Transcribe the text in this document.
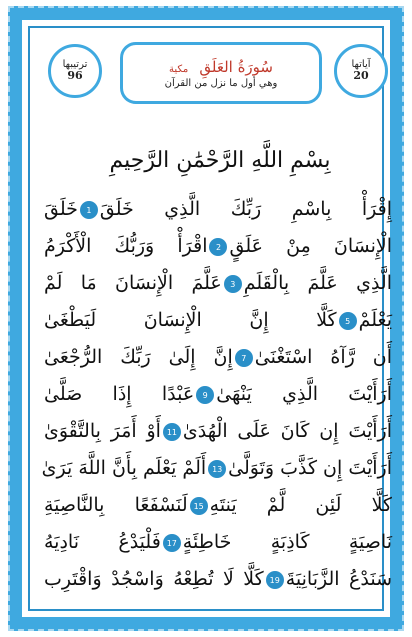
آياتها
20
سُورَةُ العَلَقِ مكية
وهي أول ما نزل من القرآن
ترتيبها
96
بِسْمِ اللَّهِ الرَّحْمَٰنِ الرَّحِيمِ
إِقْرَأْ بِاسْمِ رَبِّكَ الَّذِي خَلَقَ1خَلَقَ
الْإِنسَانَ مِنْ عَلَقٍ2اقْرَأْ وَرَبُّكَ الْأَكْرَمُ
الَّذِي عَلَّمَ بِالْقَلَمِ3عَلَّمَ الْإِنسَانَ مَا لَمْ
يَعْلَمْ5كَلَّا إِنَّ الْإِنسَانَ لَيَطْغَىٰ
أَن رَّآهُ اسْتَغْنَىٰ7إِنَّ إِلَىٰ رَبِّكَ الرُّجْعَىٰ
أَرَأَيْتَ الَّذِي يَنْهَىٰ9عَبْدًا إِذَا صَلَّىٰ
أَرَأَيْتَ إِن كَانَ عَلَى الْهُدَىٰ11أَوْ أَمَرَ بِالتَّقْوَىٰ
أَرَأَيْتَ إِن كَذَّبَ وَتَوَلَّىٰ13أَلَمْ يَعْلَم بِأَنَّ اللَّهَ يَرَىٰ
كَلَّا لَئِن لَّمْ يَنتَهِ15لَنَسْفَعًا بِالنَّاصِيَةِ
نَاصِيَةٍ كَاذِبَةٍ خَاطِئَةٍ17فَلْيَدْعُ نَادِيَهُ
سَنَدْعُ الزَّبَانِيَةَ19كَلَّا لَا تُطِعْهُ وَاسْجُدْ وَاقْتَرِب
